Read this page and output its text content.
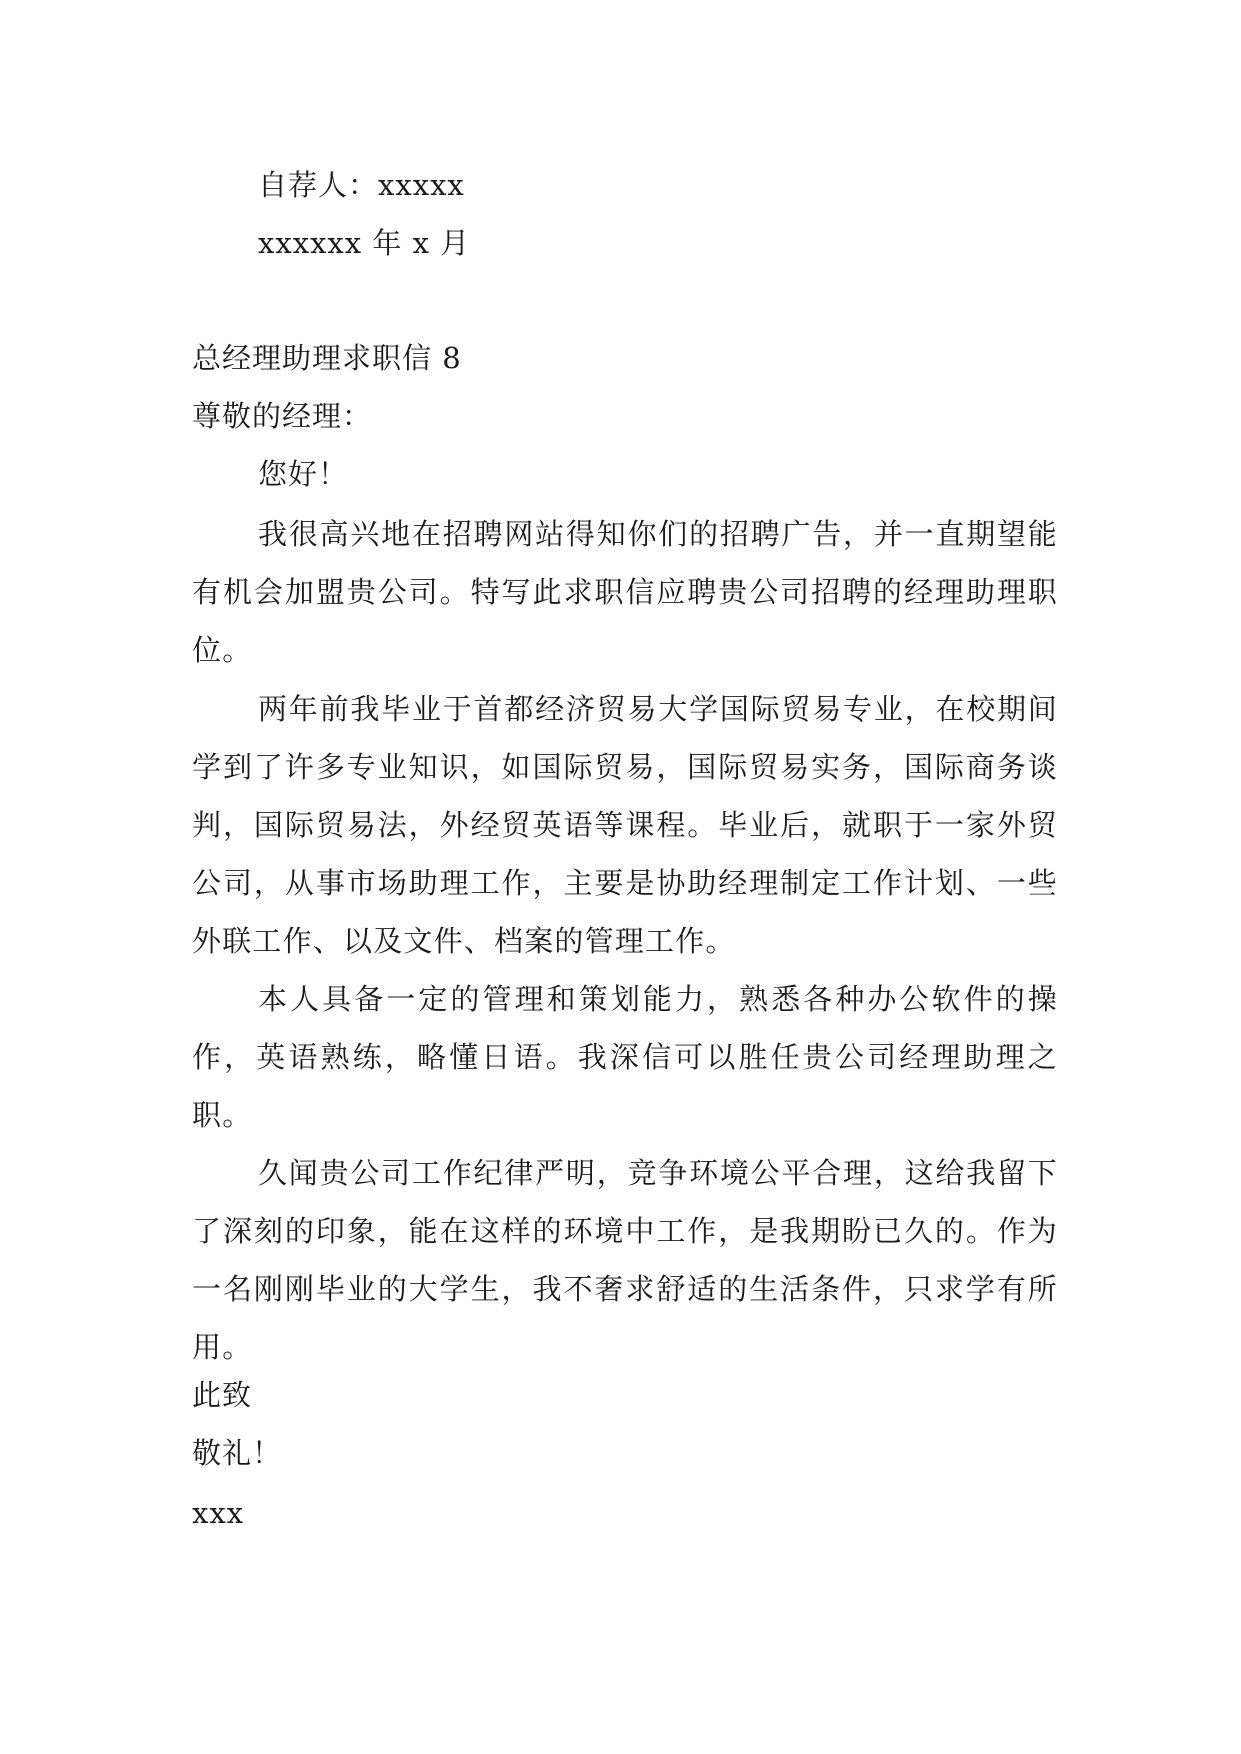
自荐人：xxxxx
xxxxxx 年 x 月
总经理助理求职信 8
尊敬的经理：
您好！
我很高兴地在招聘网站得知你们的招聘广告，并一直期望能有机会加盟贵公司。特写此求职信应聘贵公司招聘的经理助理职位。
两年前我毕业于首都经济贸易大学国际贸易专业，在校期间学到了许多专业知识，如国际贸易，国际贸易实务，国际商务谈判，国际贸易法，外经贸英语等课程。毕业后，就职于一家外贸公司，从事市场助理工作，主要是协助经理制定工作计划、一些外联工作、以及文件、档案的管理工作。
本人具备一定的管理和策划能力，熟悉各种办公软件的操作，英语熟练，略懂日语。我深信可以胜任贵公司经理助理之职。
久闻贵公司工作纪律严明，竞争环境公平合理，这给我留下了深刻的印象，能在这样的环境中工作，是我期盼已久的。作为一名刚刚毕业的大学生，我不奢求舒适的生活条件，只求学有所用。
此致
敬礼！
xxx
